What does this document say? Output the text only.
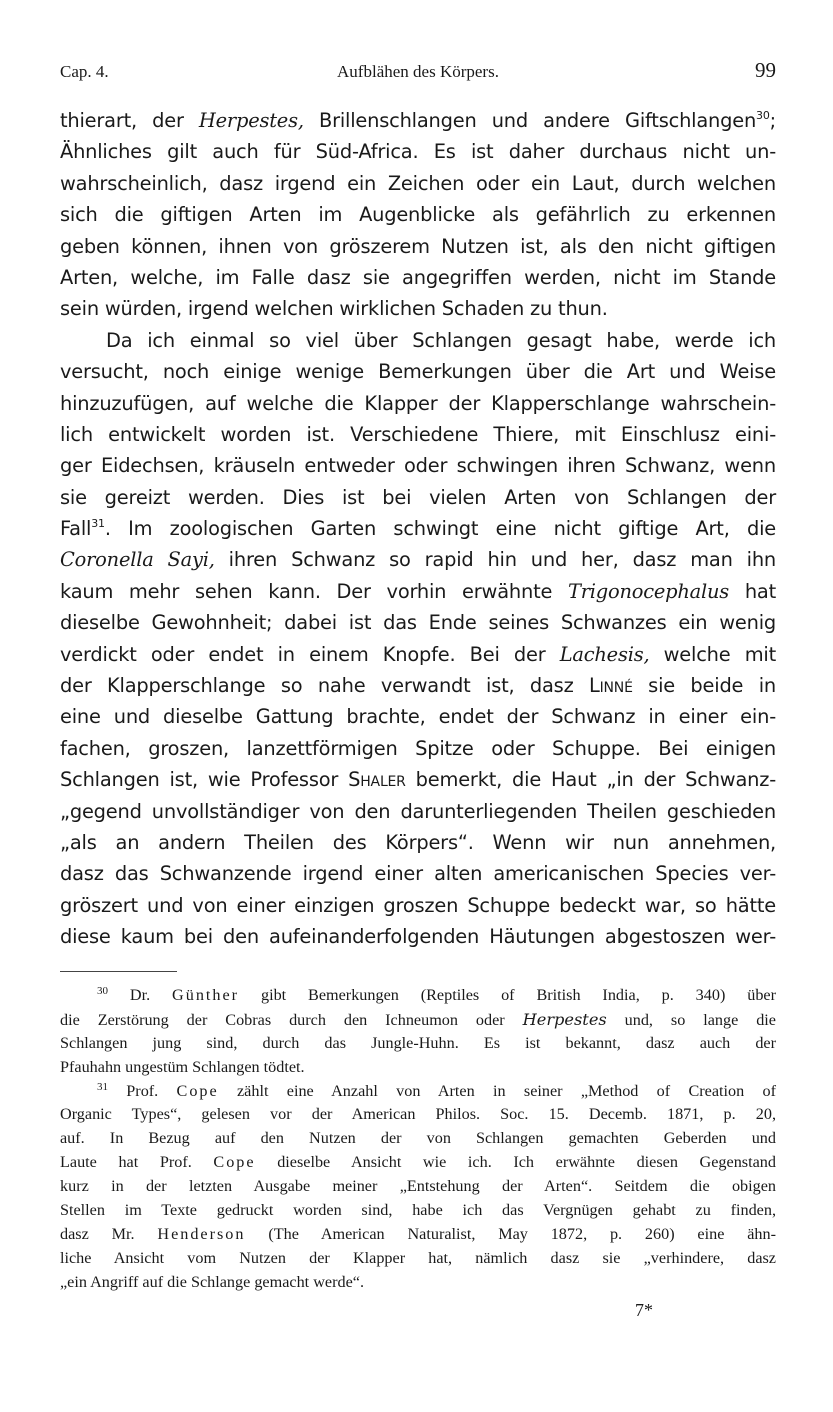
Cap. 4.	Aufblähen des Körpers.	99
thierart, der Herpestes, Brillenschlangen und andere Giftschlangen$^{30}$;
Ähnliches gilt auch für Süd-Africa. Es ist daher durchaus nicht un-
wahrscheinlich, dasz irgend ein Zeichen oder ein Laut, durch welchen
sich die giftigen Arten im Augenblicke als gefährlich zu erkennen
geben können, ihnen von gröszerem Nutzen ist, als den nicht giftigen
Arten, welche, im Falle dasz sie angegriffen werden, nicht im Stande
sein würden, irgend welchen wirklichen Schaden zu thun.
Da ich einmal so viel über Schlangen gesagt habe, werde ich
versucht, noch einige wenige Bemerkungen über die Art und Weise
hinzuzufügen, auf welche die Klapper der Klapperschlange wahrschein-
lich entwickelt worden ist. Verschiedene Thiere, mit Einschlusz eini-
ger Eidechsen, kräuseln entweder oder schwingen ihren Schwanz, wenn
sie gereizt werden. Dies ist bei vielen Arten von Schlangen der
Fall$^{31}$. Im zoologischen Garten schwingt eine nicht giftige Art, die
Coronella Sayi, ihren Schwanz so rapid hin und her, dasz man ihn
kaum mehr sehen kann. Der vorhin erwähnte Trigonocephalus hat
dieselbe Gewohnheit; dabei ist das Ende seines Schwanzes ein wenig
verdickt oder endet in einem Knopfe. Bei der Lachesis, welche mit
der Klapperschlange so nahe verwandt ist, dasz Linné sie beide in
eine und dieselbe Gattung brachte, endet der Schwanz in einer ein-
fachen, groszen, lanzettförmigen Spitze oder Schuppe. Bei einigen
Schlangen ist, wie Professor Shaler bemerkt, die Haut „in der Schwanz-
„gegend unvollständiger von den darunterliegenden Theilen geschieden
„als an andern Theilen des Körpers“. Wenn wir nun annehmen,
dasz das Schwanzende irgend einer alten americanischen Species ver-
gröszert und von einer einzigen groszen Schuppe bedeckt war, so hätte
diese kaum bei den aufeinanderfolgenden Häutungen abgestoszen wer-
$^{30}$ Dr. Günther gibt Bemerkungen (Reptiles of British India, p. 340) über
die Zerstörung der Cobras durch den Ichneumon oder Herpestes und, so lange die
Schlangen jung sind, durch das Jungle-Huhn. Es ist bekannt, dasz auch der
Pfauhahn ungestüm Schlangen tödtet.
$^{31}$ Prof. Cope zählt eine Anzahl von Arten in seiner „Method of Creation of
Organic Types“, gelesen vor der American Philos. Soc. 15. Decemb. 1871, p. 20,
auf. In Bezug auf den Nutzen der von Schlangen gemachten Geberden und
Laute hat Prof. Cope dieselbe Ansicht wie ich. Ich erwähnte diesen Gegenstand
kurz in der letzten Ausgabe meiner „Entstehung der Arten“. Seitdem die obigen
Stellen im Texte gedruckt worden sind, habe ich das Vergnügen gehabt zu finden,
dasz Mr. Henderson (The American Naturalist, May 1872, p. 260) eine ähn-
liche Ansicht vom Nutzen der Klapper hat, nämlich dasz sie „verhindere, dasz
„ein Angriff auf die Schlange gemacht werde“.
7*
